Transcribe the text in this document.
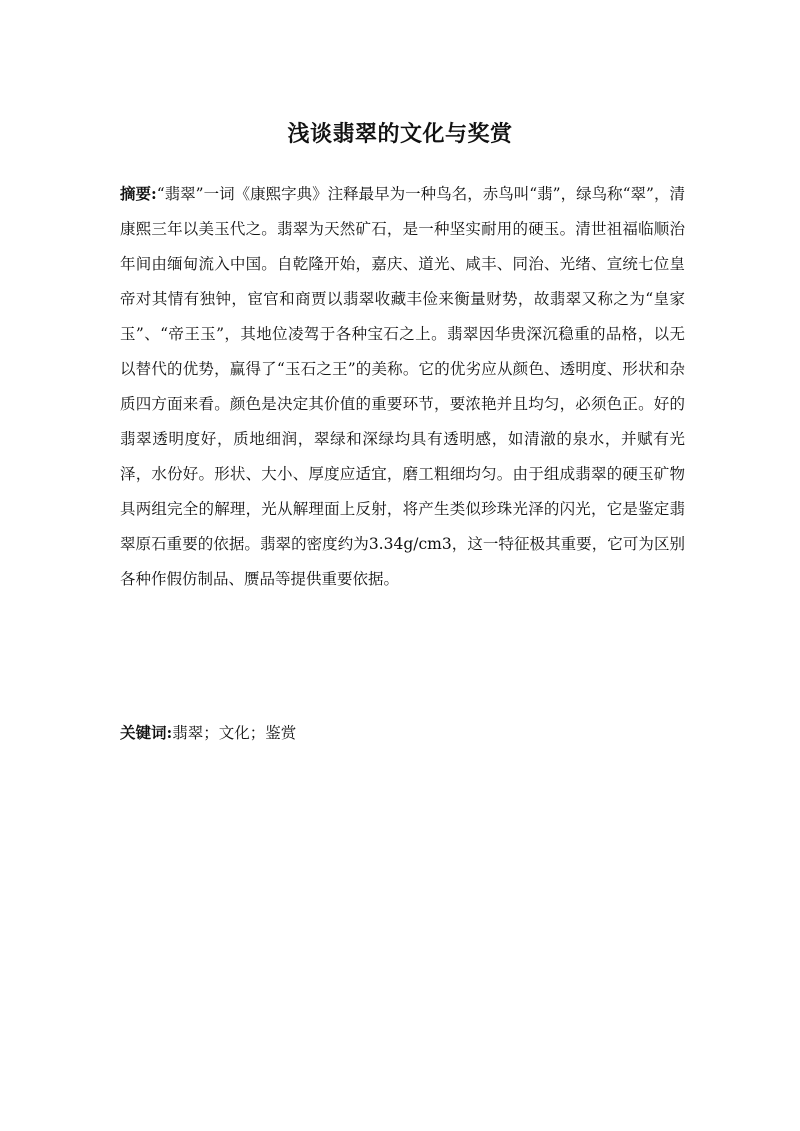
浅谈翡翠的文化与奖赏
摘要:“翡翠”一词《康熙字典》注释最早为一种鸟名，赤鸟叫“翡”，绿鸟称“翠”，清康熙三年以美玉代之。翡翠为天然矿石，是一种坚实耐用的硬玉。清世祖福临顺治年间由缅甸流入中国。自乾隆开始，嘉庆、道光、咸丰、同治、光绪、宣统七位皇帝对其情有独钟，宦官和商贾以翡翠收藏丰俭来衡量财势，故翡翠又称之为“皇家玉”、“帝王玉”，其地位凌驾于各种宝石之上。翡翠因华贵深沉稳重的品格，以无以替代的优势，赢得了“玉石之王”的美称。它的优劣应从颜色、透明度、形状和杂质四方面来看。颜色是决定其价值的重要环节，要浓艳并且均匀，必须色正。好的翡翠透明度好，质地细润，翠绿和深绿均具有透明感，如清澈的泉水，并赋有光泽，水份好。形状、大小、厚度应适宜，磨工粗细均匀。由于组成翡翠的硬玉矿物具两组完全的解理，光从解理面上反射，将产生类似珍珠光泽的闪光，它是鉴定翡翠原石重要的依据。翡翠的密度约为3.34g/cm3，这一特征极其重要，它可为区别各种作假仿制品、赝品等提供重要依据。
关键词:翡翠；文化；鉴赏
